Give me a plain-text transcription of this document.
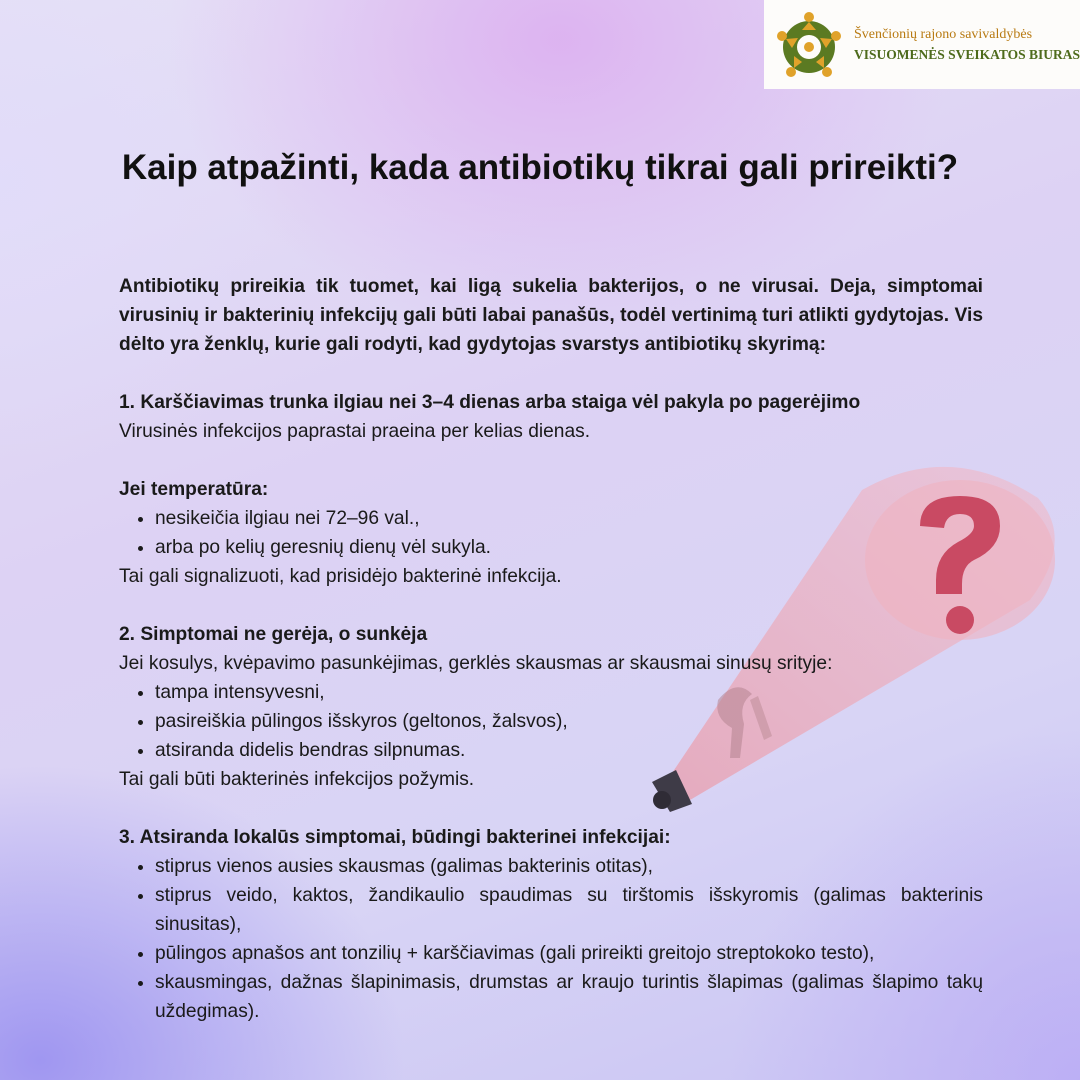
Švenčionių rajono savivaldybės
VISUOMENĖS SVEIKATOS BIURAS
Kaip atpažinti, kada antibiotikų tikrai gali prireikti?

Antibiotikų prireikia tik tuomet, kai ligą sukelia bakterijos, o ne virusai. Deja, simptomai virusinių ir bakterinių infekcijų gali būti labai panašūs, todėl vertinimą turi atlikti gydytojas. Vis dėlto yra ženklų, kurie gali rodyti, kad gydytojas svarstys antibiotikų skyrimą:

1. Karščiavimas trunka ilgiau nei 3–4 dienas arba staiga vėl pakyla po pagerėjimo

Virusinės infekcijos paprastai praeina per kelias dienas.

Jei temperatūra:

• nesikeičia ilgiau nei 72–96 val.,
• arba po kelių geresnių dienų vėl sukyla.

Tai gali signalizuoti, kad prisidėjo bakterinė infekcija.

2. Simptomai ne gerėja, o sunkėja

Jei kosulys, kvėpavimo pasunkėjimas, gerklės skausmas ar skausmai sinusų srityje:

• tampa intensyvesni,
• pasireiškia pūlingos išskyros (geltonos, žalsvos),
• atsiranda didelis bendras silpnumas.

Tai gali būti bakterinės infekcijos požymis.

3. Atsiranda lokalūs simptomai, būdingi bakterinei infekcijai:

• stiprus vienos ausies skausmas (galimas bakterinis otitas),
• stiprus veido, kaktos, žandikaulio spaudimas su tirštomis išskyromis (galimas bakterinis sinusitas),
• pūlingos apnašos ant tonzilių + karščiavimas (gali prireikti greitojo streptokoko testo),
• skausmingas, dažnas šlapinimasis, drumstas ar kraujo turintis šlapimas (galimas šlapimo takų uždegimas).
